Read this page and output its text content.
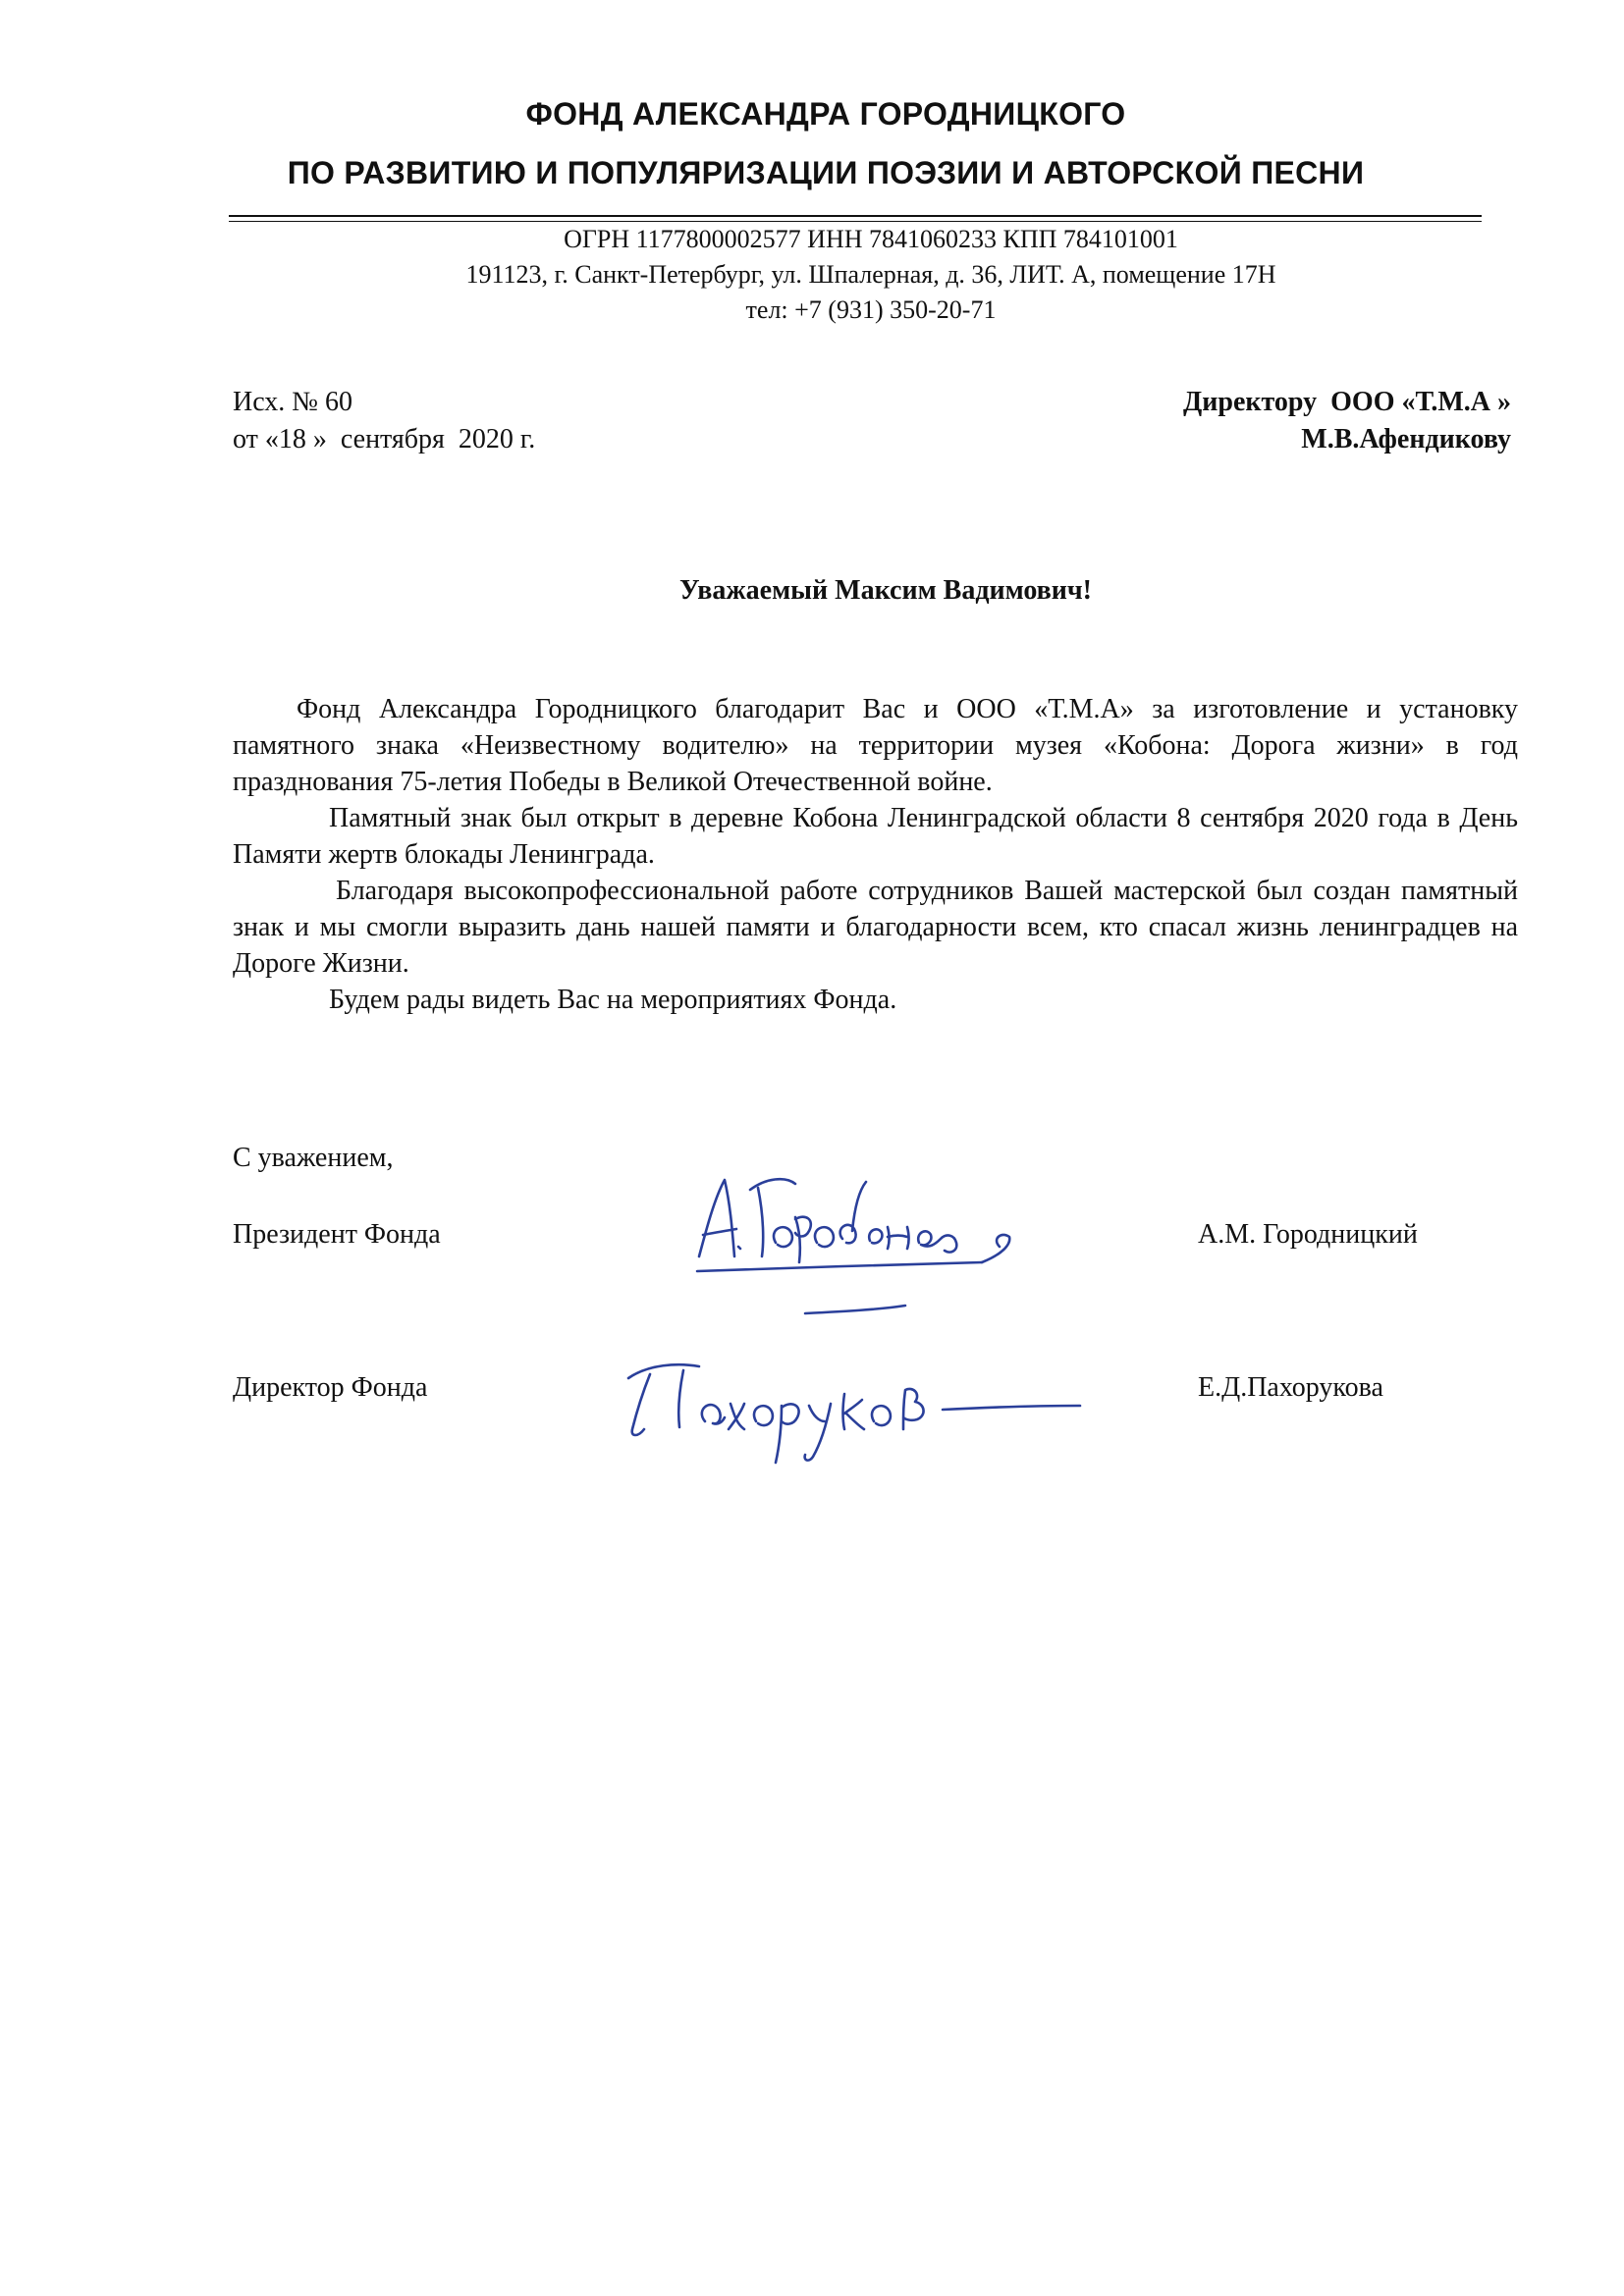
ФОНД АЛЕКСАНДРА ГОРОДНИЦКОГО
ПО РАЗВИТИЮ И ПОПУЛЯРИЗАЦИИ ПОЭЗИИ И АВТОРСКОЙ ПЕСНИ
ОГРН 1177800002577 ИНН 7841060233 КПП 784101001
191123, г. Санкт-Петербург, ул. Шпалерная, д. 36, ЛИТ. А, помещение 17Н
тел: +7 (931) 350-20-71
Исх. № 60
от «18 »  сентября  2020 г.
Директору  ООО «Т.М.А »
М.В.Афендикову
Уважаемый Максим Вадимович!

Фонд Александра Городницкого благодарит Вас и ООО «Т.М.А» за изготовление и установку памятного знака «Неизвестному водителю» на территории музея «Кобона: Дорога жизни» в год празднования 75-летия Победы в Великой Отечественной войне.

Памятный знак был открыт в деревне Кобона Ленинградской области 8 сентября 2020 года в День Памяти жертв блокады Ленинграда.

Благодаря высокопрофессиональной работе сотрудников Вашей мастерской был создан памятный знак и мы смогли выразить дань нашей памяти и благодарности всем, кто спасал жизнь ленинградцев на Дороге Жизни.

Будем рады видеть Вас на мероприятиях Фонда.

С уважением,
Президент Фонда	А.М. Городницкий
Директор Фонда	Е.Д.Пахорукова
